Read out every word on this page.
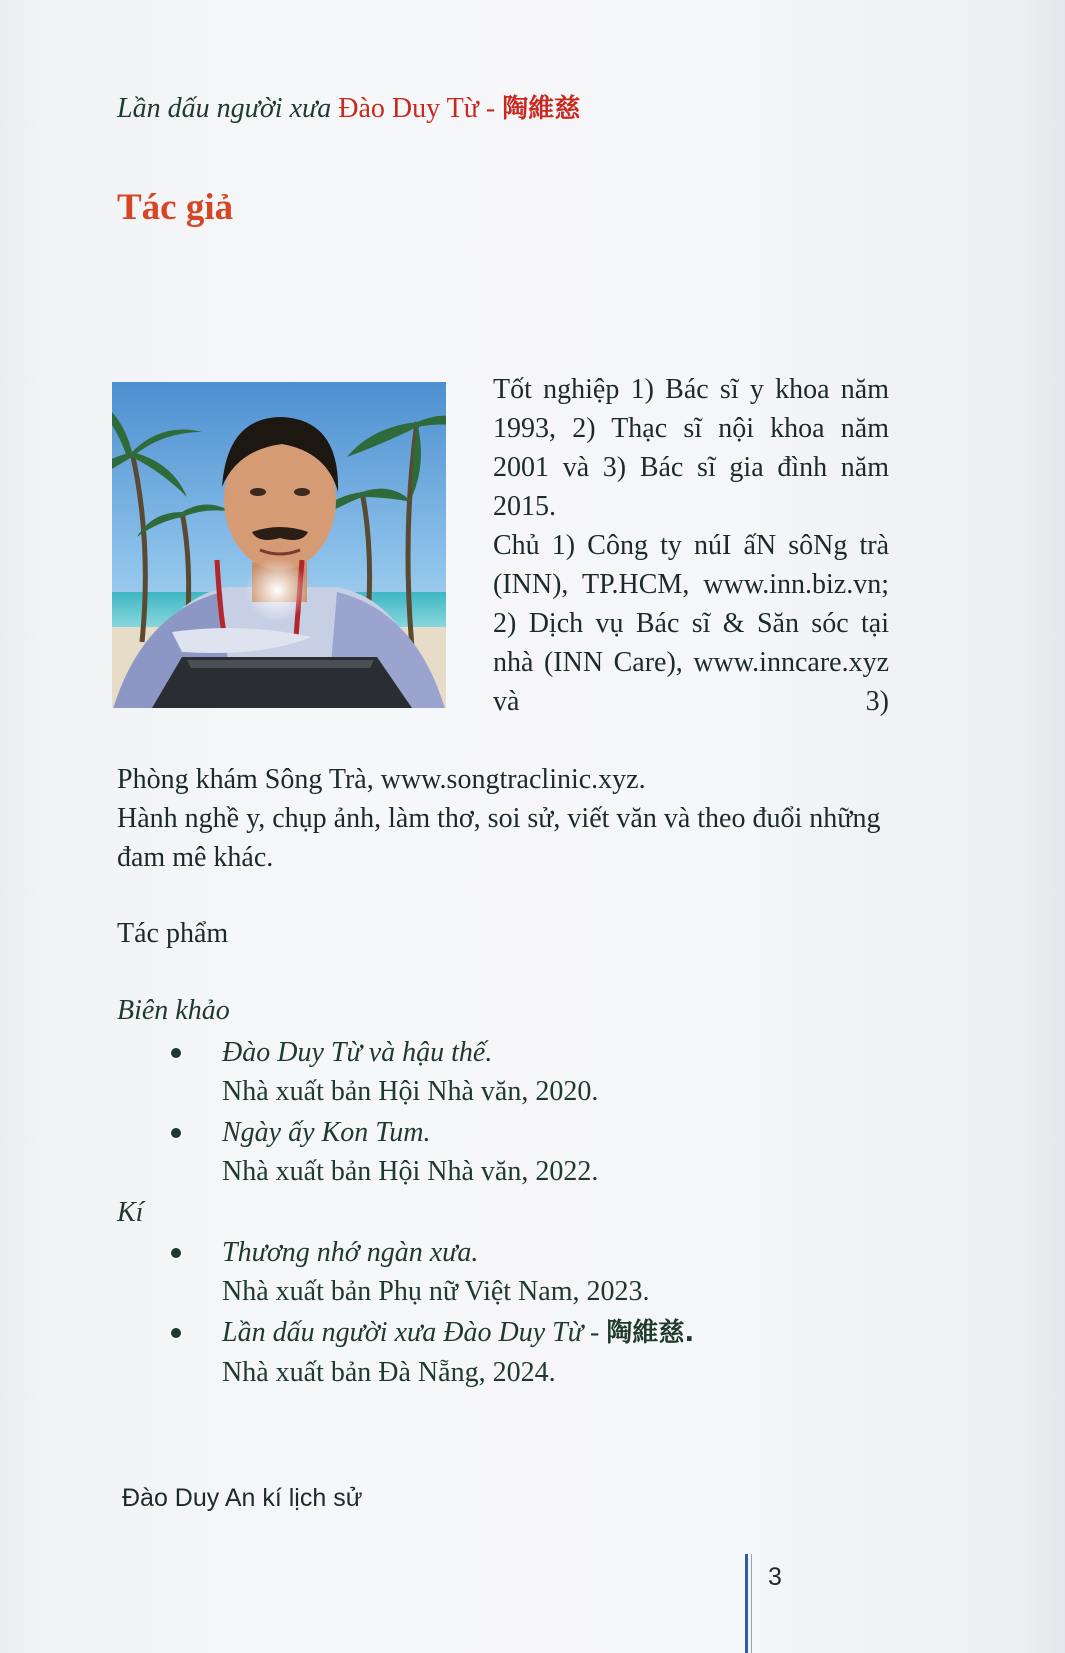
Lần dấu người xưa Đào Duy Từ - 陶維慈
Tác giả

Tốt nghiệp 1) Bác sĩ y khoa năm 1993, 2) Thạc sĩ nội khoa năm 2001 và 3) Bác sĩ gia đình năm 2015.

Chủ 1) Công ty núI ấN sôNg trà (INN), TP.HCM, www.inn.biz.vn; 2) Dịch vụ Bác sĩ & Săn sóc tại nhà (INN Care), www.inncare.xyz và 3)

Phòng khám Sông Trà, www.songtraclinic.xyz.
Hành nghề y, chụp ảnh, làm thơ, soi sử, viết văn và theo đuổi những đam mê khác.
Tác phẩm
Biên khảo
Đào Duy Từ và hậu thế.
Nhà xuất bản Hội Nhà văn, 2020.
Ngày ấy Kon Tum.
Nhà xuất bản Hội Nhà văn, 2022.
Kí
Thương nhớ ngàn xưa.
Nhà xuất bản Phụ nữ Việt Nam, 2023.
Lần dấu người xưa Đào Duy Từ - 陶維慈.
Nhà xuất bản Đà Nẵng, 2024.
Đào Duy An kí lịch sử
3
